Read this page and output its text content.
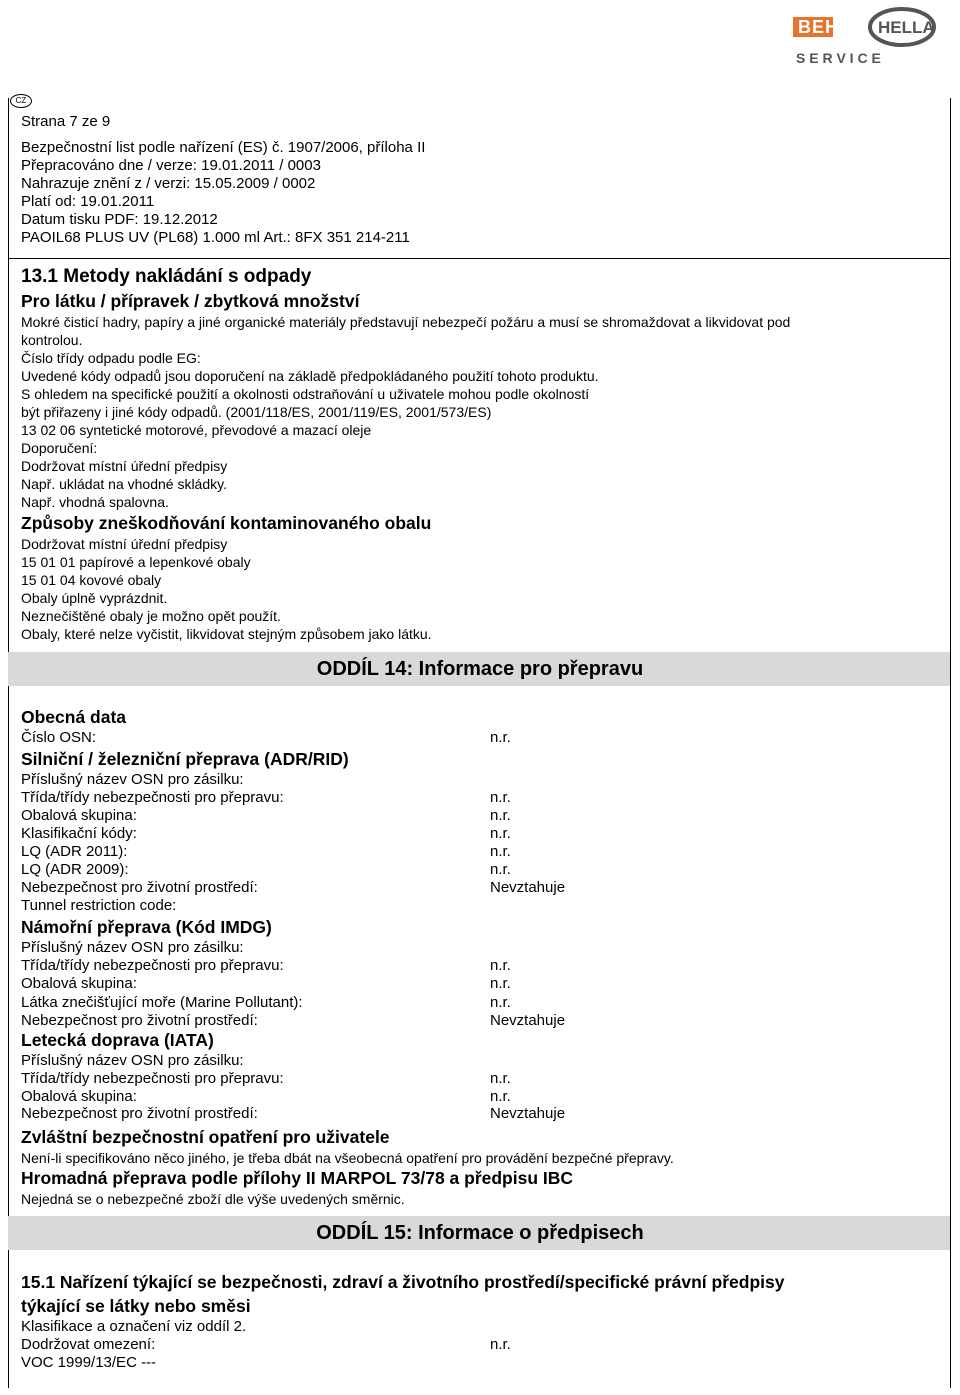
BEHR HELLA
S E R V I C E
CZ
Strana 7 ze 9
Bezpečnostní list podle nařízení (ES) č. 1907/2006, příloha II
Přepracováno dne / verze: 19.01.2011 / 0003
Nahrazuje znění z / verzi: 15.05.2009 / 0002
Platí od: 19.01.2011
Datum tisku PDF: 19.12.2012
PAOIL68 PLUS UV (PL68) 1.000 ml Art.: 8FX 351 214-211
13.1 Metody nakládání s odpady
Pro látku / přípravek / zbytková množství
Mokré čisticí hadry, papíry a jiné organické materiály představují nebezpečí požáru a musí se shromaždovat a likvidovat pod
kontrolou.
Číslo třídy odpadu podle EG:
Uvedené kódy odpadů jsou doporučení na základě předpokládaného použití tohoto produktu.
S ohledem na specifické použití a okolnosti odstraňování u uživatele mohou podle okolností
být přiřazeny i jiné kódy odpadů. (2001/118/ES, 2001/119/ES, 2001/573/ES)
13 02 06 syntetické motorové, převodové a mazací oleje
Doporučení:
Dodržovat místní úřední předpisy
Např. ukládat na vhodné skládky.
Např. vhodná spalovna.
Způsoby zneškodňování kontaminovaného obalu
Dodržovat místní úřední předpisy
15 01 01 papírové a lepenkové obaly
15 01 04 kovové obaly
Obaly úplně vyprázdnit.
Neznečištěné obaly je možno opět použít.
Obaly, které nelze vyčistit, likvidovat stejným způsobem jako látku.
ODDÍL 14: Informace pro přepravu
Obecná data
Číslo OSN:	n.r.
Silniční / železniční přeprava (ADR/RID)
Příslušný název OSN pro zásilku:
Třída/třídy nebezpečnosti pro přepravu:	n.r.
Obalová skupina:	n.r.
Klasifikační kódy:	n.r.
LQ (ADR 2011):	n.r.
LQ (ADR 2009):	n.r.
Nebezpečnost pro životní prostředí:	Nevztahuje
Tunnel restriction code:
Námořní přeprava (Kód IMDG)
Příslušný název OSN pro zásilku:
Třída/třídy nebezpečnosti pro přepravu:	n.r.
Obalová skupina:	n.r.
Látka znečišťující moře (Marine Pollutant):	n.r.
Nebezpečnost pro životní prostředí:	Nevztahuje
Letecká doprava (IATA)
Příslušný název OSN pro zásilku:
Třída/třídy nebezpečnosti pro přepravu:	n.r.
Obalová skupina:	n.r.
Nebezpečnost pro životní prostředí:	Nevztahuje
Zvláštní bezpečnostní opatření pro uživatele
Není-li specifikováno něco jiného, je třeba dbát na všeobecná opatření pro provádění bezpečné přepravy.
Hromadná přeprava podle přílohy II MARPOL 73/78 a předpisu IBC
Nejedná se o nebezpečné zboží dle výše uvedených směrnic.
ODDÍL 15: Informace o předpisech
15.1 Nařízení týkající se bezpečnosti, zdraví a životního prostředí/specifické právní předpisy
týkající se látky nebo směsi
Klasifikace a označení viz oddíl 2.
Dodržovat omezení:	n.r.
VOC 1999/13/EC ---
